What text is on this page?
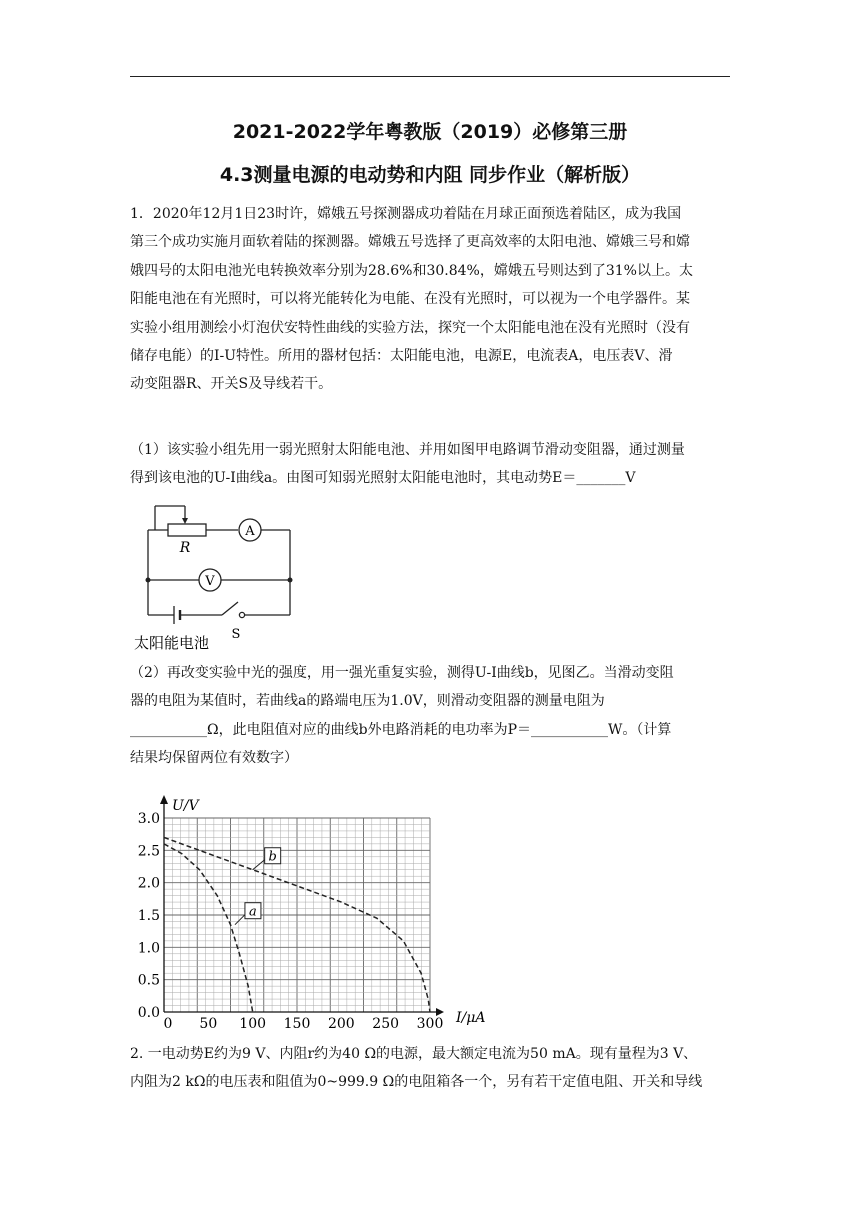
2021-2022学年粤教版（2019）必修第三册
4.3测量电源的电动势和内阻 同步作业（解析版）
1．2020年12月1日23时许，嫦娥五号探测器成功着陆在月球正面预选着陆区，成为我国
第三个成功实施月面软着陆的探测器。嫦娥五号选择了更高效率的太阳电池、嫦娥三号和嫦
娥四号的太阳电池光电转换效率分别为28.6%和30.84%，嫦娥五号则达到了31%以上。太
阳能电池在有光照时，可以将光能转化为电能、在没有光照时，可以视为一个电学器件。某
实验小组用测绘小灯泡伏安特性曲线的实验方法，探究一个太阳能电池在没有光照时（没有
储存电能）的I-U特性。所用的器材包括：太阳能电池，电源E，电流表A，电压表V、滑
动变阻器R、开关S及导线若干。
（1）该实验小组先用一弱光照射太阳能电池、并用如图甲电路调节滑动变阻器，通过测量
得到该电池的U-I曲线a。由图可知弱光照射太阳能电池时，其电动势E＝_______V
R
A
V
S
太阳能电池
（2）再改变实验中光的强度，用一强光重复实验，测得U-I曲线b，见图乙。当滑动变阻
器的电阻为某值时，若曲线a的路端电压为1.0V，则滑动变阻器的测量电阻为
___________Ω，此电阻值对应的曲线b外电路消耗的电功率为P＝___________W。（计算
结果均保留两位有效数字）
a
b
0.0
0.5
1.0
1.5
2.0
2.5
3.0
0 50 100 150 200 250 300
U/V
I/μA
2. 一电动势E约为9 V、内阻r约为40 Ω的电源，最大额定电流为50 mA。现有量程为3 V、
内阻为2 kΩ的电压表和阻值为0~999.9 Ω的电阻箱各一个，另有若干定值电阻、开关和导线
